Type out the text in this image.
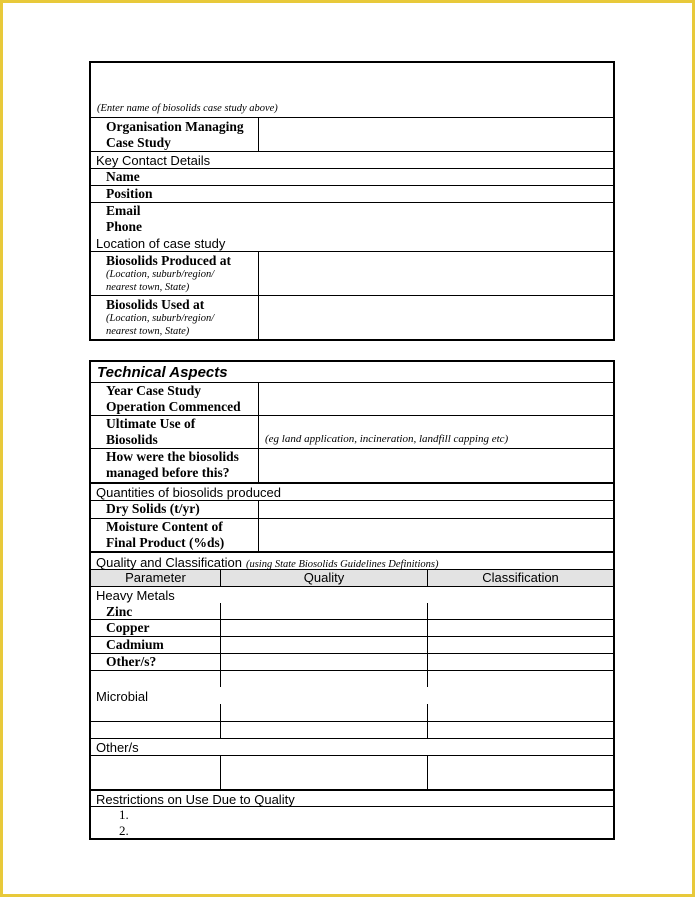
(Enter name of biosolids case study above)
Organisation Managing Case Study
Key Contact Details
Name
Position
Email
Phone
Location of case study
Biosolids Produced at
(Location, suburb/region/ nearest town, State)
Biosolids Used at
(Location, suburb/region/ nearest town, State)
Technical Aspects
Year Case Study Operation Commenced
Ultimate Use of Biosolids	(eg land application, incineration, landfill capping etc)
How were the biosolids managed before this?
Quantities of biosolids produced
Dry Solids (t/yr)
Moisture Content of Final Product (%ds)
Quality and Classification (using State Biosolids Guidelines Definitions)
Parameter	Quality	Classification
Heavy Metals
Zinc
Copper
Cadmium
Other/s?
Microbial
Other/s
Restrictions on Use Due to Quality
1.
2.
